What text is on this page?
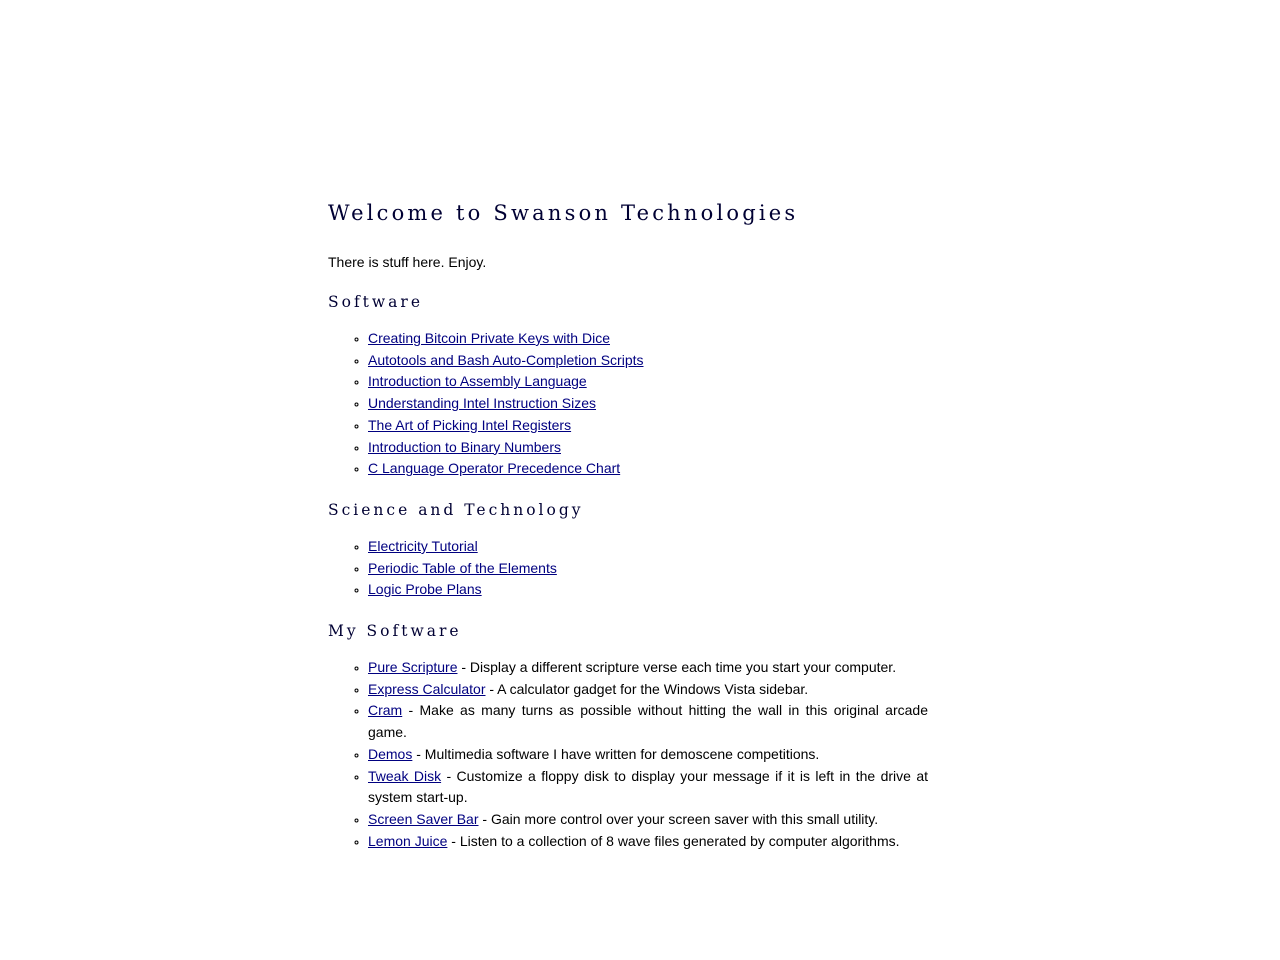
Welcome to Swanson Technologies

There is stuff here. Enjoy.

Software
◦ Creating Bitcoin Private Keys with Dice
◦ Autotools and Bash Auto-Completion Scripts
◦ Introduction to Assembly Language
◦ Understanding Intel Instruction Sizes
◦ The Art of Picking Intel Registers
◦ Introduction to Binary Numbers
◦ C Language Operator Precedence Chart
Science and Technology
◦ Electricity Tutorial
◦ Periodic Table of the Elements
◦ Logic Probe Plans
My Software
◦ Pure Scripture - Display a different scripture verse each time you start your computer.
◦ Express Calculator - A calculator gadget for the Windows Vista sidebar.
◦ Cram - Make as many turns as possible without hitting the wall in this original arcade game.
◦ Demos - Multimedia software I have written for demoscene competitions.
◦ Tweak Disk - Customize a floppy disk to display your message if it is left in the drive at system start-up.
◦ Screen Saver Bar - Gain more control over your screen saver with this small utility.
◦ Lemon Juice - Listen to a collection of 8 wave files generated by computer algorithms.
